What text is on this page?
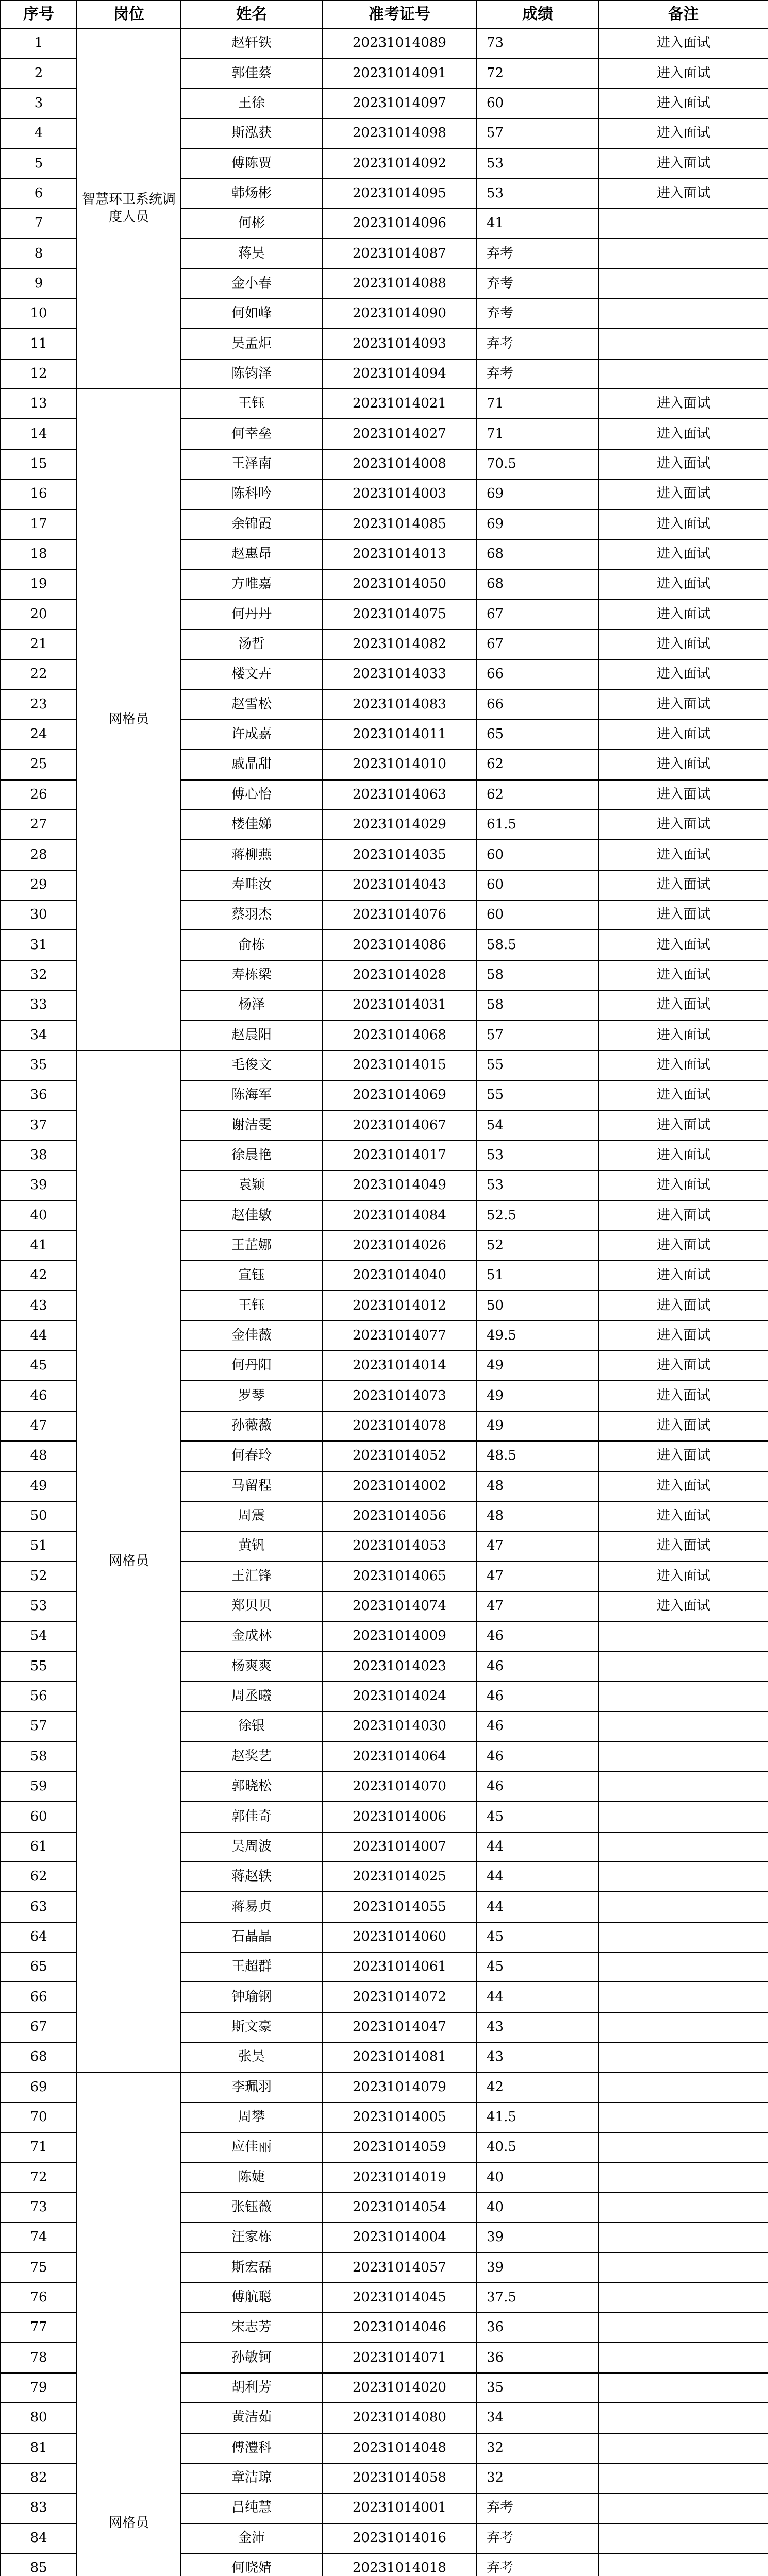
序号	岗位	姓名	准考证号	成绩	备注
1	智慧环卫系统调度人员	赵轩铁	20231014089	73	进入面试
2		郭佳蔡	20231014091	72	进入面试
3		王徐	20231014097	60	进入面试
4		斯泓获	20231014098	57	进入面试
5		傅陈贾	20231014092	53	进入面试
6		韩炀彬	20231014095	53	进入面试
7		何彬	20231014096	41	
8		蒋昊	20231014087	弃考	
9		金小春	20231014088	弃考	
10		何如峰	20231014090	弃考	
11		吴孟炬	20231014093	弃考	
12		陈钧泽	20231014094	弃考	
13	网格员	王钰	20231014021	71	进入面试
14		何幸垒	20231014027	71	进入面试
15		王泽南	20231014008	70.5	进入面试
16		陈科吟	20231014003	69	进入面试
17		余锦霞	20231014085	69	进入面试
18		赵惠昂	20231014013	68	进入面试
19		方唯嘉	20231014050	68	进入面试
20		何丹丹	20231014075	67	进入面试
21		汤哲	20231014082	67	进入面试
22		楼文卉	20231014033	66	进入面试
23		赵雪松	20231014083	66	进入面试
24		许成嘉	20231014011	65	进入面试
25		戚晶甜	20231014010	62	进入面试
26		傅心怡	20231014063	62	进入面试
27		楼佳娣	20231014029	61.5	进入面试
28		蒋柳燕	20231014035	60	进入面试
29		寿畦汝	20231014043	60	进入面试
30		蔡羽杰	20231014076	60	进入面试
31		俞栋	20231014086	58.5	进入面试
32		寿栋梁	20231014028	58	进入面试
33		杨泽	20231014031	58	进入面试
34		赵晨阳	20231014068	57	进入面试
35	网格员	毛俊文	20231014015	55	进入面试
36		陈海军	20231014069	55	进入面试
37		谢洁雯	20231014067	54	进入面试
38		徐晨艳	20231014017	53	进入面试
39		袁颖	20231014049	53	进入面试
40		赵佳敏	20231014084	52.5	进入面试
41		王芷娜	20231014026	52	进入面试
42		宣钰	20231014040	51	进入面试
43		王钰	20231014012	50	进入面试
44		金佳薇	20231014077	49.5	进入面试
45		何丹阳	20231014014	49	进入面试
46		罗琴	20231014073	49	进入面试
47		孙薇薇	20231014078	49	进入面试
48		何春玲	20231014052	48.5	进入面试
49		马留程	20231014002	48	进入面试
50		周震	20231014056	48	进入面试
51		黄钒	20231014053	47	进入面试
52		王汇锋	20231014065	47	进入面试
53		郑贝贝	20231014074	47	进入面试
54		金成林	20231014009	46	
55		杨爽爽	20231014023	46	
56		周丞曦	20231014024	46	
57		徐银	20231014030	46	
58		赵奖艺	20231014064	46	
59		郭晓松	20231014070	46	
60		郭佳奇	20231014006	45	
61		吴周波	20231014007	44	
62		蒋赵轶	20231014025	44	
63		蒋易贞	20231014055	44	
64		石晶晶	20231014060	45	
65		王超群	20231014061	45	
66		钟瑜钢	20231014072	44	
67		斯文豪	20231014047	43	
68		张昊	20231014081	43	
69	网格员	李珮羽	20231014079	42	
70		周攀	20231014005	41.5	
71		应佳丽	20231014059	40.5	
72		陈婕	20231014019	40	
73		张钰薇	20231014054	40	
74		汪家栋	20231014004	39	
75		斯宏磊	20231014057	39	
76		傅航聪	20231014045	37.5	
77		宋志芳	20231014046	36	
78		孙敏钶	20231014071	36	
79		胡利芳	20231014020	35	
80		黄洁茹	20231014080	34	
81		傅澧科	20231014048	32	
82		章洁琼	20231014058	32	
83		吕纯慧	20231014001	弃考	
84		金沛	20231014016	弃考	
85		何晓婧	20231014018	弃考	
